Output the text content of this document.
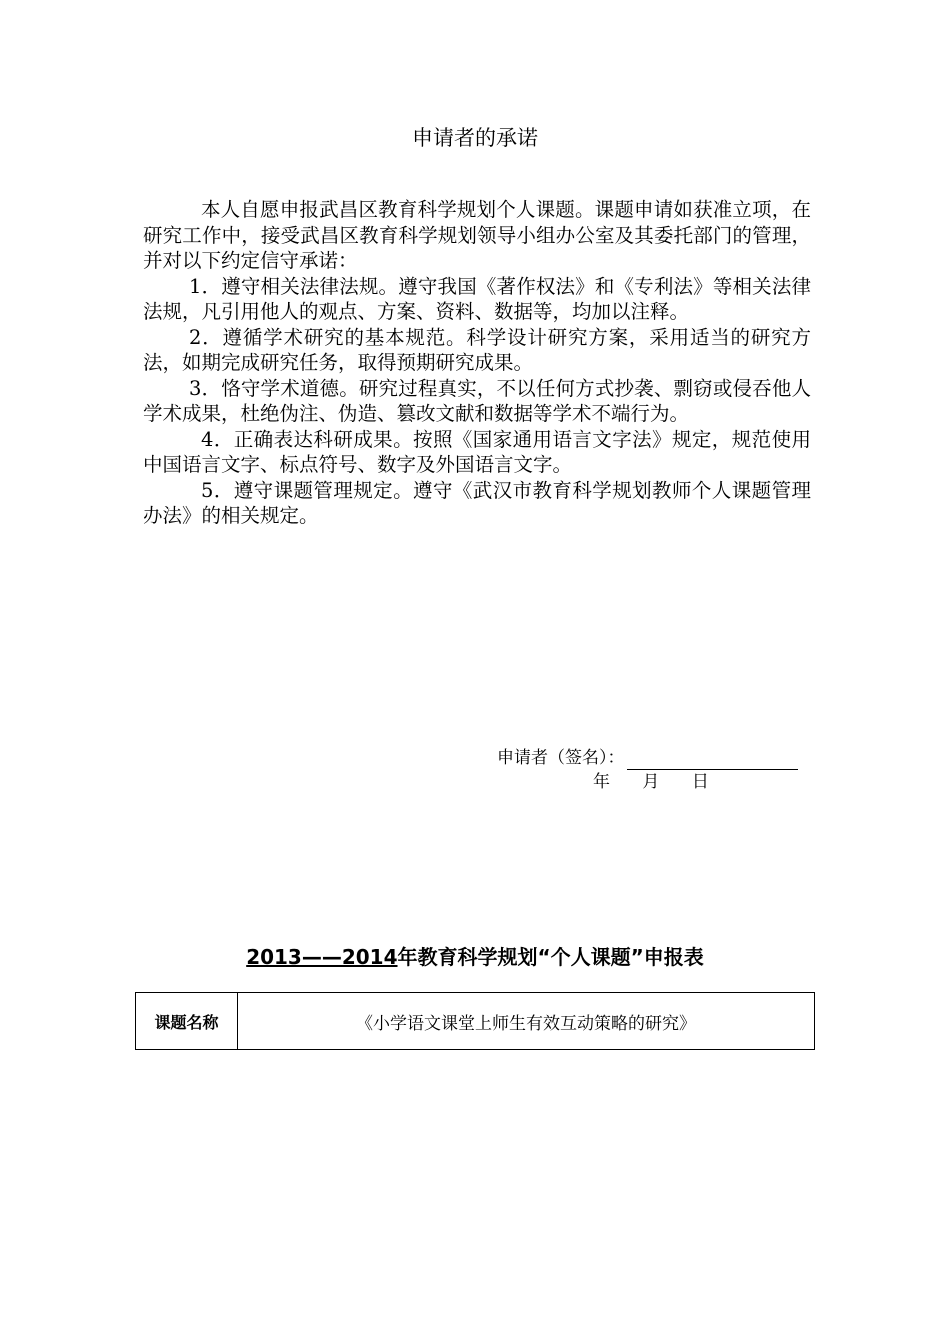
申请者的承诺

本人自愿申报武昌区教育科学规划个人课题。课题申请如获准立项，在研究工作中，接受武昌区教育科学规划领导小组办公室及其委托部门的管理，并对以下约定信守承诺：

1．遵守相关法律法规。遵守我国《著作权法》和《专利法》等相关法律法规，凡引用他人的观点、方案、资料、数据等，均加以注释。

2．遵循学术研究的基本规范。科学设计研究方案，采用适当的研究方法，如期完成研究任务，取得预期研究成果。

3．恪守学术道德。研究过程真实，不以任何方式抄袭、剽窃或侵吞他人学术成果，杜绝伪注、伪造、篡改文献和数据等学术不端行为。

4．正确表达科研成果。按照《国家通用语言文字法》规定，规范使用中国语言文字、标点符号、数字及外国语言文字。

5．遵守课题管理规定。遵守《武汉市教育科学规划教师个人课题管理办法》的相关规定。

申请者（签名）：
年      月      日
2013——2014年教育科学规划“个人课题”申报表
课题名称	《小学语文课堂上师生有效互动策略的研究》
